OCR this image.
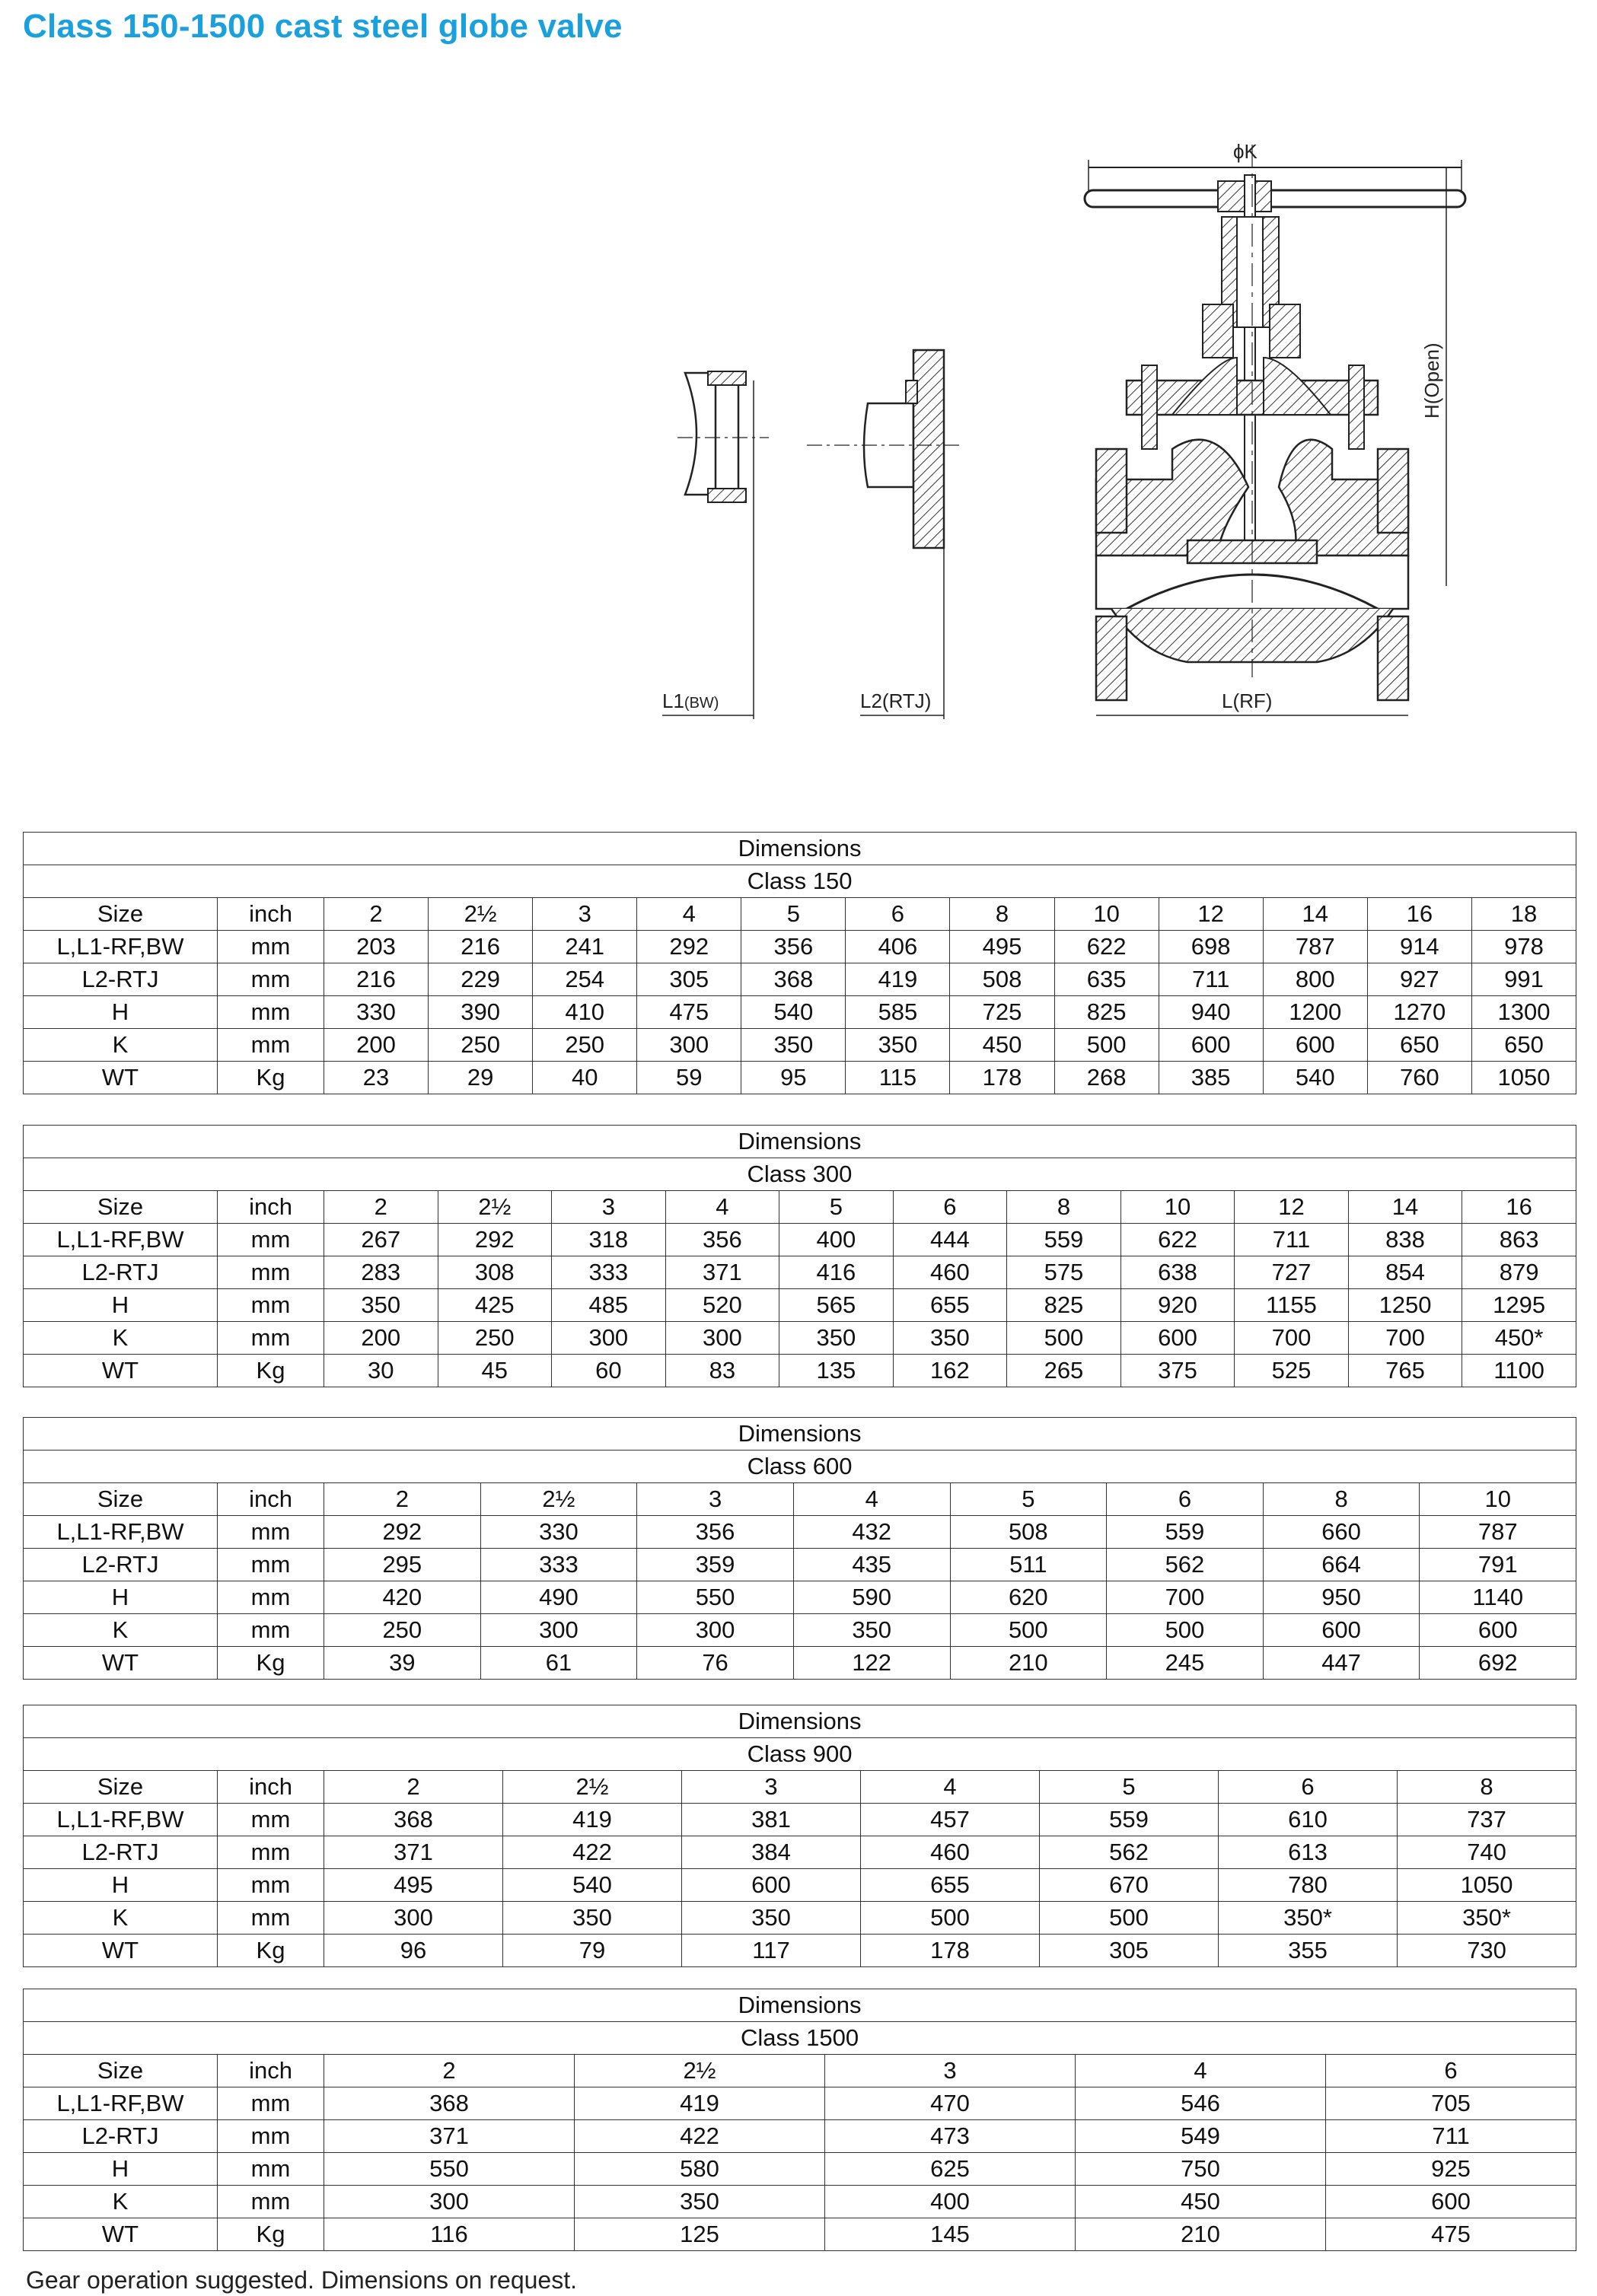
Class 150-1500 cast steel globe valve
ϕK
H(Open)
L(RF)
L1(BW)	L2(RTJ)
Dimensions													
Class 150													
Size	inch	2	2½	3	4	5	6	8	10	12	14	16	18
L,L1-RF,BW	mm	203	216	241	292	356	406	495	622	698	787	914	978
L2-RTJ	mm	216	229	254	305	368	419	508	635	711	800	927	991
H	mm	330	390	410	475	540	585	725	825	940	1200	1270	1300
K	mm	200	250	250	300	350	350	450	500	600	600	650	650
WT	Kg	23	29	40	59	95	115	178	268	385	540	760	1050
Dimensions												
Class 300												
Size	inch	2	2½	3	4	5	6	8	10	12	14	16
L,L1-RF,BW	mm	267	292	318	356	400	444	559	622	711	838	863
L2-RTJ	mm	283	308	333	371	416	460	575	638	727	854	879
H	mm	350	425	485	520	565	655	825	920	1155	1250	1295
K	mm	200	250	300	300	350	350	500	600	700	700	450*
WT	Kg	30	45	60	83	135	162	265	375	525	765	1100
Dimensions									
Class 600									
Size	inch	2	2½	3	4	5	6	8	10
L,L1-RF,BW	mm	292	330	356	432	508	559	660	787
L2-RTJ	mm	295	333	359	435	511	562	664	791
H	mm	420	490	550	590	620	700	950	1140
K	mm	250	300	300	350	500	500	600	600
WT	Kg	39	61	76	122	210	245	447	692
Dimensions								
Class 900								
Size	inch	2	2½	3	4	5	6	8
L,L1-RF,BW	mm	368	419	381	457	559	610	737
L2-RTJ	mm	371	422	384	460	562	613	740
H	mm	495	540	600	655	670	780	1050
K	mm	300	350	350	500	500	350*	350*
WT	Kg	96	79	117	178	305	355	730
Dimensions						
Class 1500						
Size	inch	2	2½	3	4	6
L,L1-RF,BW	mm	368	419	470	546	705
L2-RTJ	mm	371	422	473	549	711
H	mm	550	580	625	750	925
K	mm	300	350	400	450	600
WT	Kg	116	125	145	210	475
Gear operation suggested. Dimensions on request.
